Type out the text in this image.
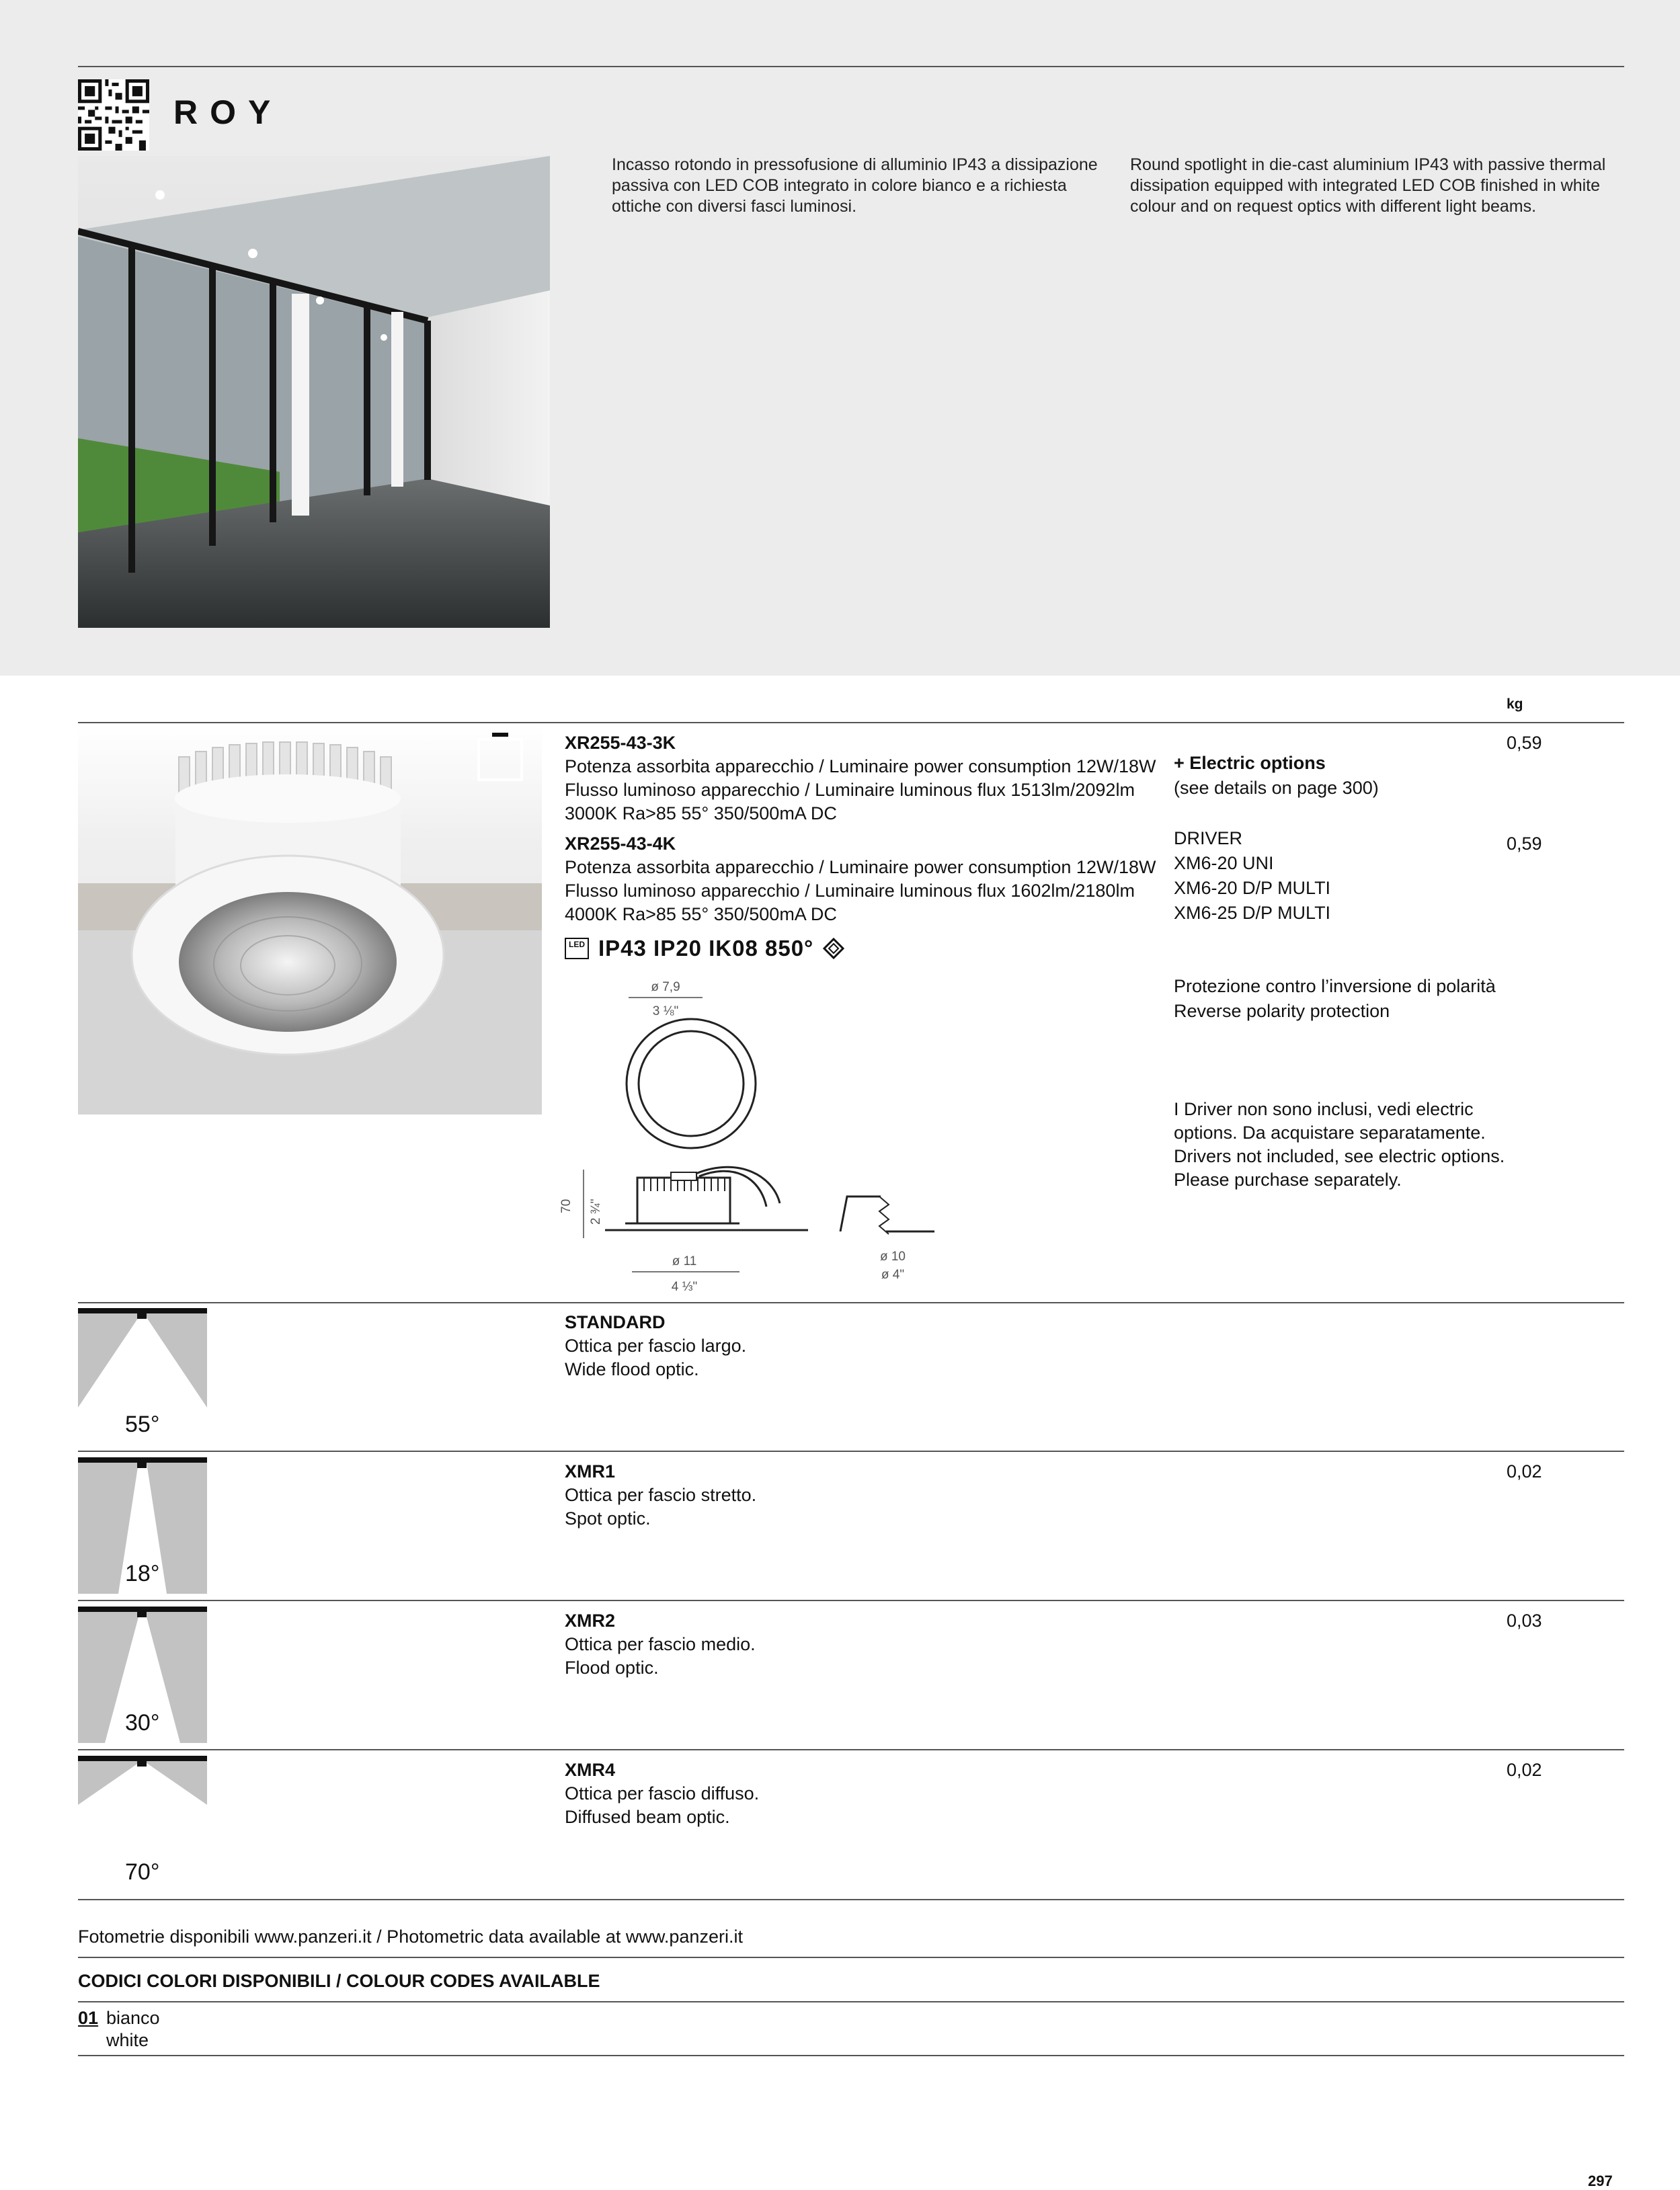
ROY
Incasso rotondo in pressofusione di alluminio IP43 a dissipazione passiva con LED COB integrato in colore bianco e a richiesta ottiche con diversi fasci luminosi.
Round spotlight in die-cast aluminium IP43 with passive thermal dissipation equipped with integrated LED COB finished in white colour and on request optics with different light beams.
kg
XR255-43-3K
Potenza assorbita apparecchio / Luminaire power consumption 12W/18W
Flusso luminoso apparecchio / Luminaire luminous flux 1513lm/2092lm
3000K Ra>85 55° 350/500mA DC
0,59
XR255-43-4K
Potenza assorbita apparecchio / Luminaire power consumption 12W/18W
Flusso luminoso apparecchio / Luminaire luminous flux 1602lm/2180lm
4000K Ra>85 55° 350/500mA DC
0,59
LED IP43 IP20 IK08 850°
+ Electric options
(see details on page 300)
DRIVER
XM6-20 UNI
XM6-20 D/P MULTI
XM6-25 D/P MULTI
Protezione contro l’inversione di polarità
Reverse polarity protection
I Driver non sono inclusi, vedi electric
options. Da acquistare separatamente.
Drivers not included, see electric options.
Please purchase separately.
ø 7,9
3 ⅛"
70 2 ¾"
ø 11
4 ⅓"
ø 10
ø 4"
55°
STANDARD
Ottica per fascio largo.
Wide flood optic.
18°
XMR1
Ottica per fascio stretto.
Spot optic.
0,02
30°
XMR2
Ottica per fascio medio.
Flood optic.
0,03
70°
XMR4
Ottica per fascio diffuso.
Diffused beam optic.
0,02
Fotometrie disponibili www.panzeri.it / Photometric data available at www.panzeri.it
CODICI COLORI DISPONIBILI / COLOUR CODES AVAILABLE
01 bianco
white
297
